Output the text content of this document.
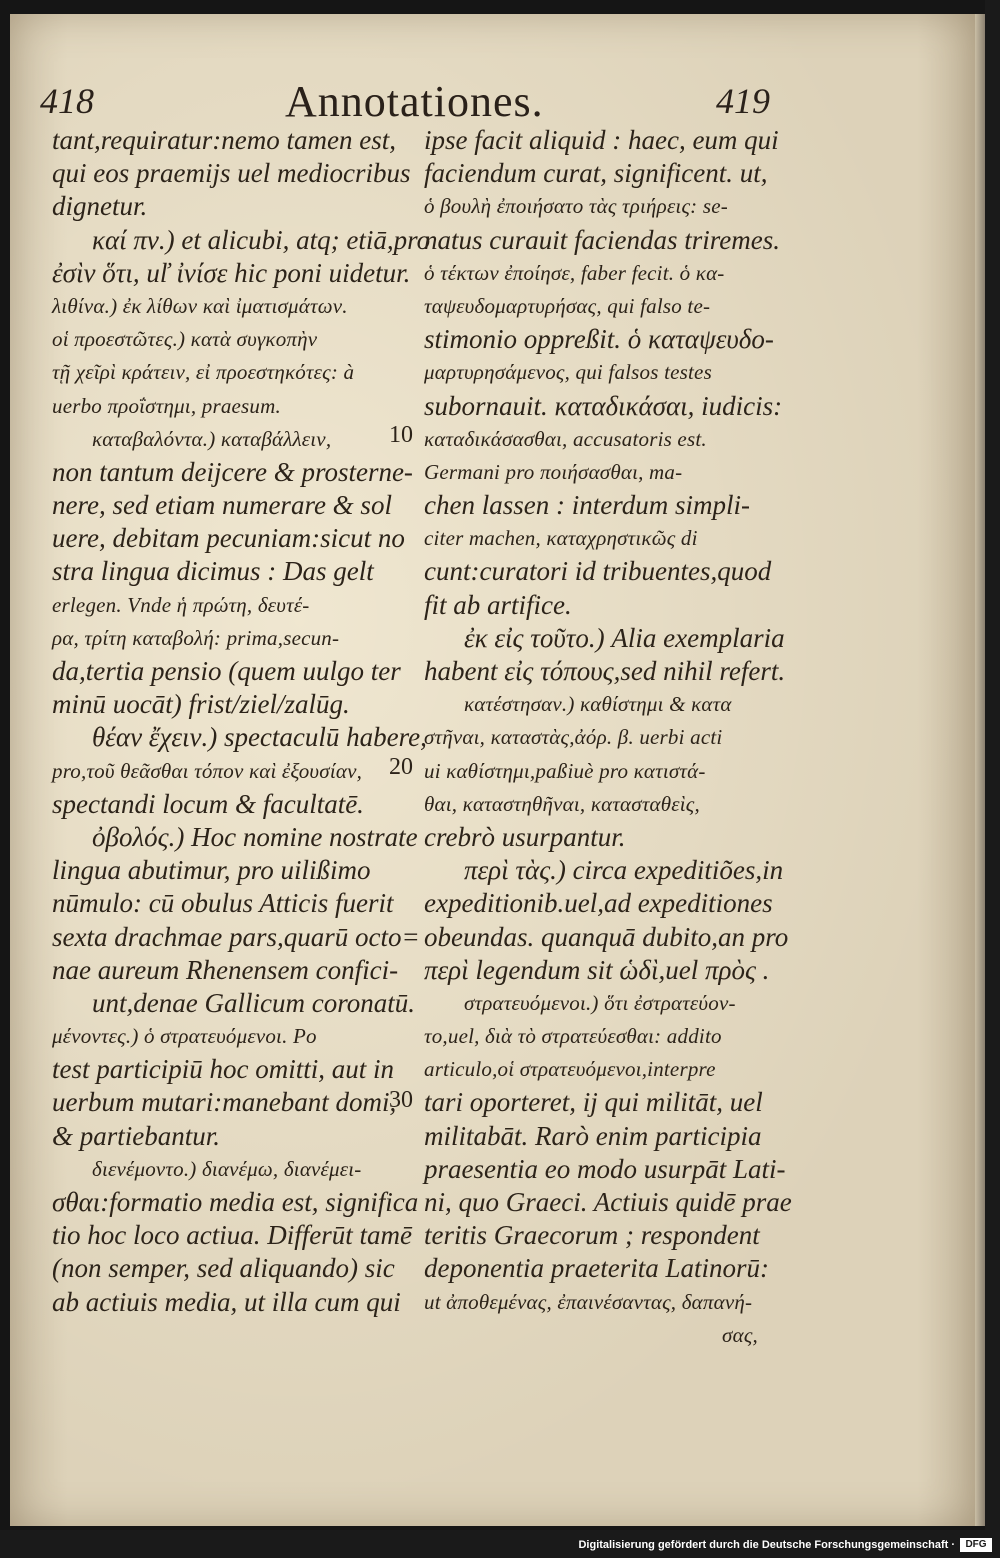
418	Annotationes.	419
tant,requiratur:nemo tamen est,
qui eos praemijs uel mediocribus
dignetur.
καί πν.) et alicubi, atq; etiā,pro
ἐσὶν ὅτι, uľ ἰνίσε hic poni uidetur.
λιθίνα.) ἐκ λίθων καὶ ἰματισμάτων.
οἱ προεστῶτες.) κατὰ συγκοπὴν
τῇ χεῖρὶ κράτειν, εἰ προεστηκότες: à
uerbo προΐστημι, praesum.
καταβαλόντα.) καταβάλλειν,
non tantum deijcere & prosterne-
nere, sed etiam numerare & sol
uere, debitam pecuniam:sicut no
stra lingua dicimus : Das gelt
erlegen. Vnde ἡ πρώτη, δευτέ-
ρα, τρίτη καταβολή: prima,secun-
da,tertia pensio (quem uulgo ter
minū uocāt) frist/ziel/zalūg.
θέαν ἔχειν.) spectaculū habere,
pro,τοῦ θεᾶσθαι τόπον καὶ ἐξουσίαν,
spectandi locum & facultatē.
ὀβολός.) Hoc nomine nostrate
lingua abutimur, pro uilißimo
nūmulo: cū obulus Atticis fuerit
sexta drachmae pars,quarū octo=
nae aureum Rhenensem confici-
unt,denae Gallicum coronatū.
μένοντες.) ὁ στρατευόμενοι. Po
test participiū hoc omitti, aut in
uerbum mutari:manebant domi,
& partiebantur.
διενέμοντο.) διανέμω, διανέμει-
σθαι:formatio media est, significa
tio hoc loco actiua. Differūt tamē
(non semper, sed aliquando) sic
ab actiuis media, ut illa cum qui
ipse facit aliquid : haec, eum qui
faciendum curat, significent. ut,
ὁ βουλὴ ἐποιήσατο τὰς τριήρεις: se-
natus curauit faciendas triremes.
ὁ τέκτων ἐποίησε, faber fecit. ὁ κα-
ταψευδομαρτυρήσας, qui falso te-
stimonio oppreßit. ὁ καταψευδο-
μαρτυρησάμενος, qui falsos testes
subornauit. καταδικάσαι, iudicis:
καταδικάσασθαι, accusatoris est.
Germani pro ποιήσασθαι, ma-
chen lassen : interdum simpli-
citer machen, καταχρηστικῶς di
cunt:curatori id tribuentes,quod
fit ab artifice.
ἐκ εἰς τοῦτο.) Alia exemplaria
habent εἰς τόπους,sed nihil refert.
κατέστησαν.) καθίστημι & κατα
στῆναι, καταστὰς,ἀόρ. β. uerbi acti
ui καθίστημι,paßiuè pro κατιστά-
θαι, καταστηθῆναι, κατασταθεὶς,
crebrò usurpantur.
περὶ τὰς.) circa expeditiões,in
expeditionib.uel,ad expeditiones
obeundas. quanquā dubito,an pro
περὶ legendum sit ὡδὶ,uel πρὸς .
στρατευόμενοι.) ὅτι ἐστρατεύον-
το,uel, διὰ τὸ στρατεύεσθαι: addito
articulo,οἱ στρατευόμενοι,interpre
tari oporteret, ij qui militāt, uel
militabāt. Rarò enim participia
praesentia eo modo usurpāt Lati-
ni, quo Graeci. Actiuis quidē prae
teritis Graecorum ; respondent
deponentia praeterita Latinorū:
ut ἀποθεμένας, ἐπαινέσαντας, δαπανή-
σας,
10
20
30
Digitalisierung gefördert durch die Deutsche Forschungsgemeinschaft ·	DFG
